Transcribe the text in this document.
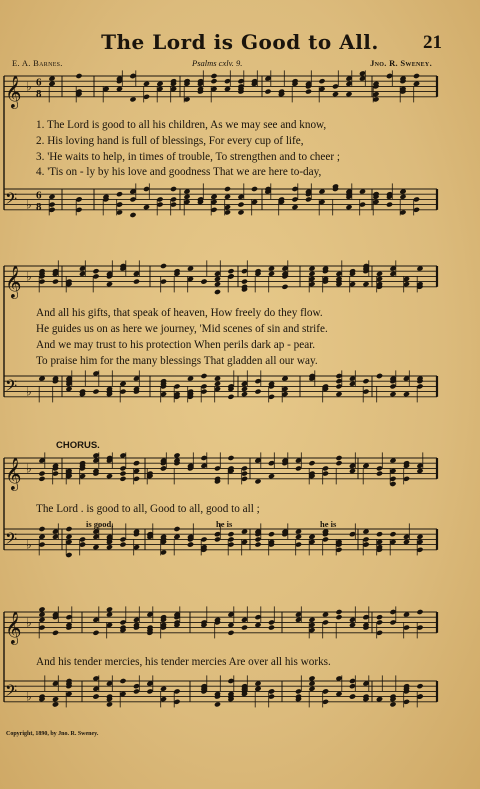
𝄞 ♭ 6
8
𝄢 ♭
6
8
𝄞 ♭
𝄢 ♭
𝄞 ♭
𝄢 ♭
𝄞 ♭
𝄢 ♭
The Lord is Good to All.	21
E. A. Barnes.	Psalms cxlv. 9.	Jno. R. Sweney.
1. The Lord is good to all his children, As we may see and know,
2. His loving hand is full of blessings, For every cup of life,
3. 'He waits to help, in times of trouble, To strengthen and to cheer ;
4. 'Tis on - ly by his love and goodness That we are here to-day,
And all his gifts, that speak of heaven, How freely do they flow.
He guides us on as here we journey, 'Mid scenes of sin and strife.
And we may trust to his protection When perils dark ap - pear.
To praise him for the many blessings That gladden all our way.
CHORUS.
The Lord . is good to all, Good to all, good to all ;
is good,	he is	he is
And his tender mercies, his tender mercies Are over all his works.
Copyright, 1890, by Jno. R. Sweney.
